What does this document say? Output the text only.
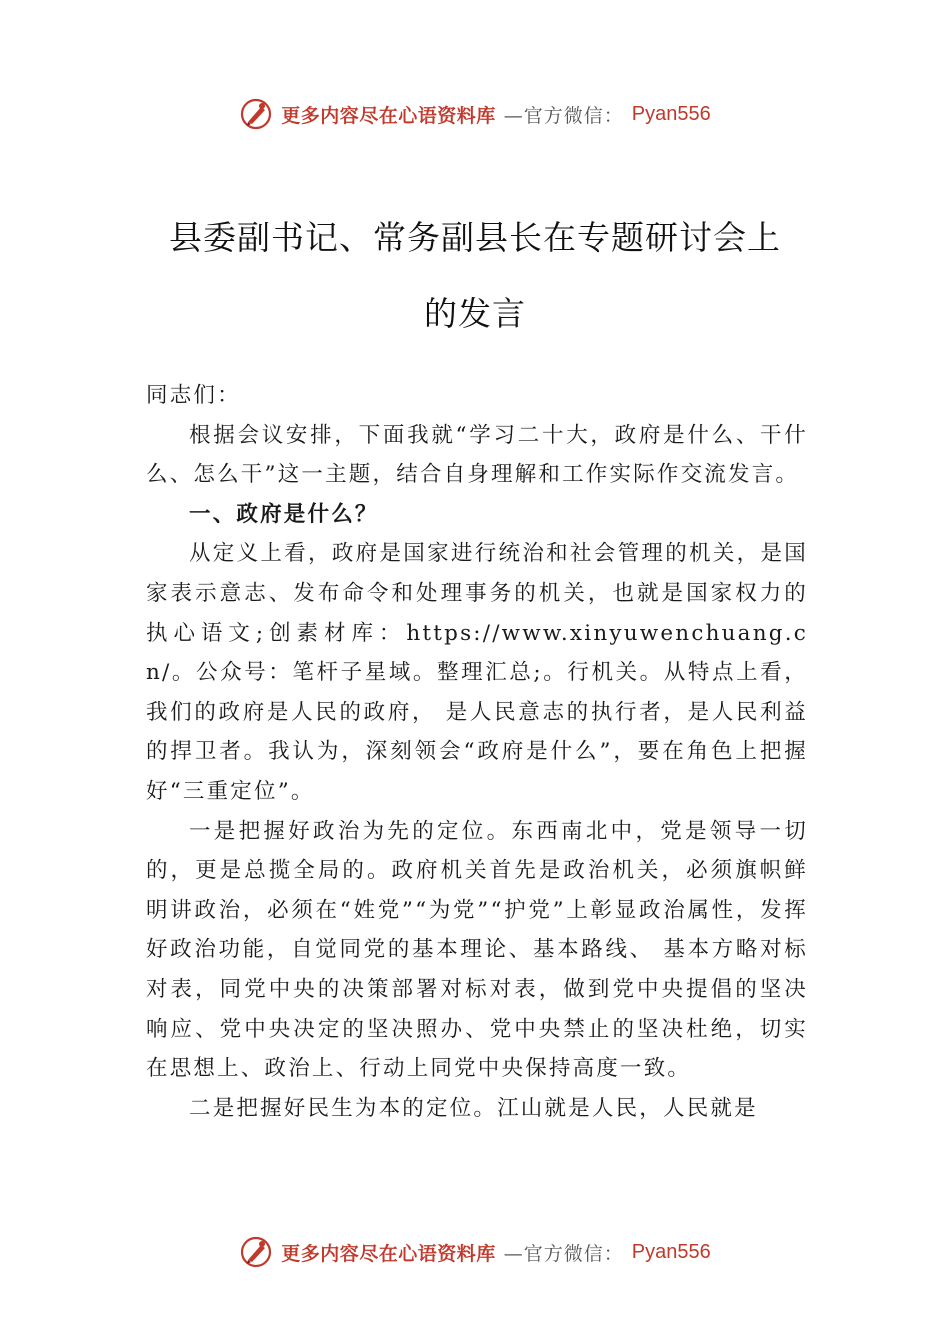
更多内容尽在心语资料库 —官方微信： Pyan556
县委副书记、常务副县长在专题研讨会上
的发言

同志们：

根据会议安排，下面我就“学习二十大，政府是什么、干什么、怎么干”这一主题，结合自身理解和工作实际作交流发言。

一、政府是什么？

从定义上看，政府是国家进行统治和社会管理的机关，是国家表示意志、发布命令和处理事务的机关，也就是国家权力的执心语文;创素材库：https://www.xinyuwenchuang.cn/。公众号：笔杆子星域。整理汇总;。行机关。从特点上看，我们的政府是人民的政府， 是人民意志的执行者，是人民利益的捍卫者。我认为，深刻领会“政府是什么”，要在角色上把握好“三重定位”。

一是把握好政治为先的定位。东西南北中，党是领导一切的，更是总揽全局的。政府机关首先是政治机关，必须旗帜鲜明讲政治，必须在“姓党”“为党”“护党”上彰显政治属性，发挥好政治功能，自觉同党的基本理论、基本路线、 基本方略对标对表，同党中央的决策部署对标对表，做到党中央提倡的坚决响应、党中央决定的坚决照办、党中央禁止的坚决杜绝，切实在思想上、政治上、行动上同党中央保持高度一致。

二是把握好民生为本的定位。江山就是人民，人民就是

更多内容尽在心语资料库 —官方微信： Pyan556
